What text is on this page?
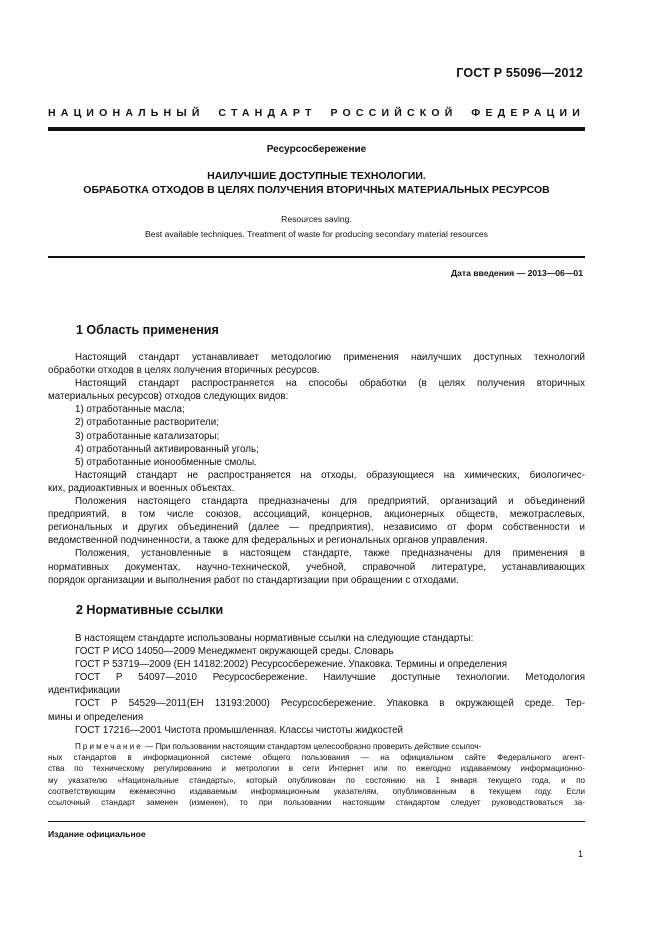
ГОСТ Р 55096—2012
НАЦИОНАЛЬНЫЙ СТАНДАРТ РОССИЙСКОЙ ФЕДЕРАЦИИ
Ресурсосбережение
НАИЛУЧШИЕ ДОСТУПНЫЕ ТЕХНОЛОГИИ.
ОБРАБОТКА ОТХОДОВ В ЦЕЛЯХ ПОЛУЧЕНИЯ ВТОРИЧНЫХ МАТЕРИАЛЬНЫХ РЕСУРСОВ
Resources saving.
Best available techniques. Treatment of waste for producing secondary material resources
Дата введения — 2013—06—01
1 Область применения
Настоящий стандарт устанавливает методологию применения наилучших доступных технологий
обработки отходов в целях получения вторичных ресурсов.
Настоящий стандарт распространяется на способы обработки (в целях получения вторичных
материальных ресурсов) отходов следующих видов:
1) отработанные масла;
2) отработанные растворители;
3) отработанные катализаторы;
4) отработанный активированный уголь;
5) отработанные ионообменные смолы.
Настоящий стандарт не распространяется на отходы, образующиеся на химических, биологичес-
ких, радиоактивных и военных объектах.
Положения настоящего стандарта предназначены для предприятий, организаций и объединений
предприятий, в том числе союзов, ассоциаций, концернов, акционерных обществ, межотраслевых,
региональных и других объединений (далее — предприятия), независимо от форм собственности и
ведомственной подчиненности, а также для федеральных и региональных органов управления.
Положения, установленные в настоящем стандарте, также предназначены для применения в
нормативных документах, научно-технической, учебной, справочной литературе, устанавливающих
порядок организации и выполнения работ по стандартизации при обращении с отходами.
2 Нормативные ссылки
В настоящем стандарте использованы нормативные ссылки на следующие стандарты:
ГОСТ Р ИСО 14050—2009 Менеджмент окружающей среды. Словарь
ГОСТ Р 53719—2009 (ЕН 14182:2002) Ресурсосбережение. Упаковка. Термины и определения
ГОСТ Р 54097—2010 Ресурсосбережение. Наилучшие доступные технологии. Методология
идентификации
ГОСТ Р 54529—2011(ЕН 13193:2000) Ресурсосбережение. Упаковка в окружающей среде. Тер-
мины и определения
ГОСТ 17216—2001 Чистота промышленная. Классы чистоты жидкостей
Примечание — При пользовании настоящим стандартом целесообразно проверить действие ссылоч-
ных стандартов в информационной системе общего пользования — на официальном сайте Федерального агент-
ства по техническому регулированию и метрологии в сети Интернет или по ежегодно издаваемому информационно-
му указателю «Национальные стандарты», который опубликован по состоянию на 1 января текущего года, и по
соответствующим ежемесячно издаваемым информационным указателям, опубликованным в текущем году. Если
ссылочный стандарт заменен (изменен), то при пользовании настоящим стандартом следует руководствоваться за-
Издание официальное
1
